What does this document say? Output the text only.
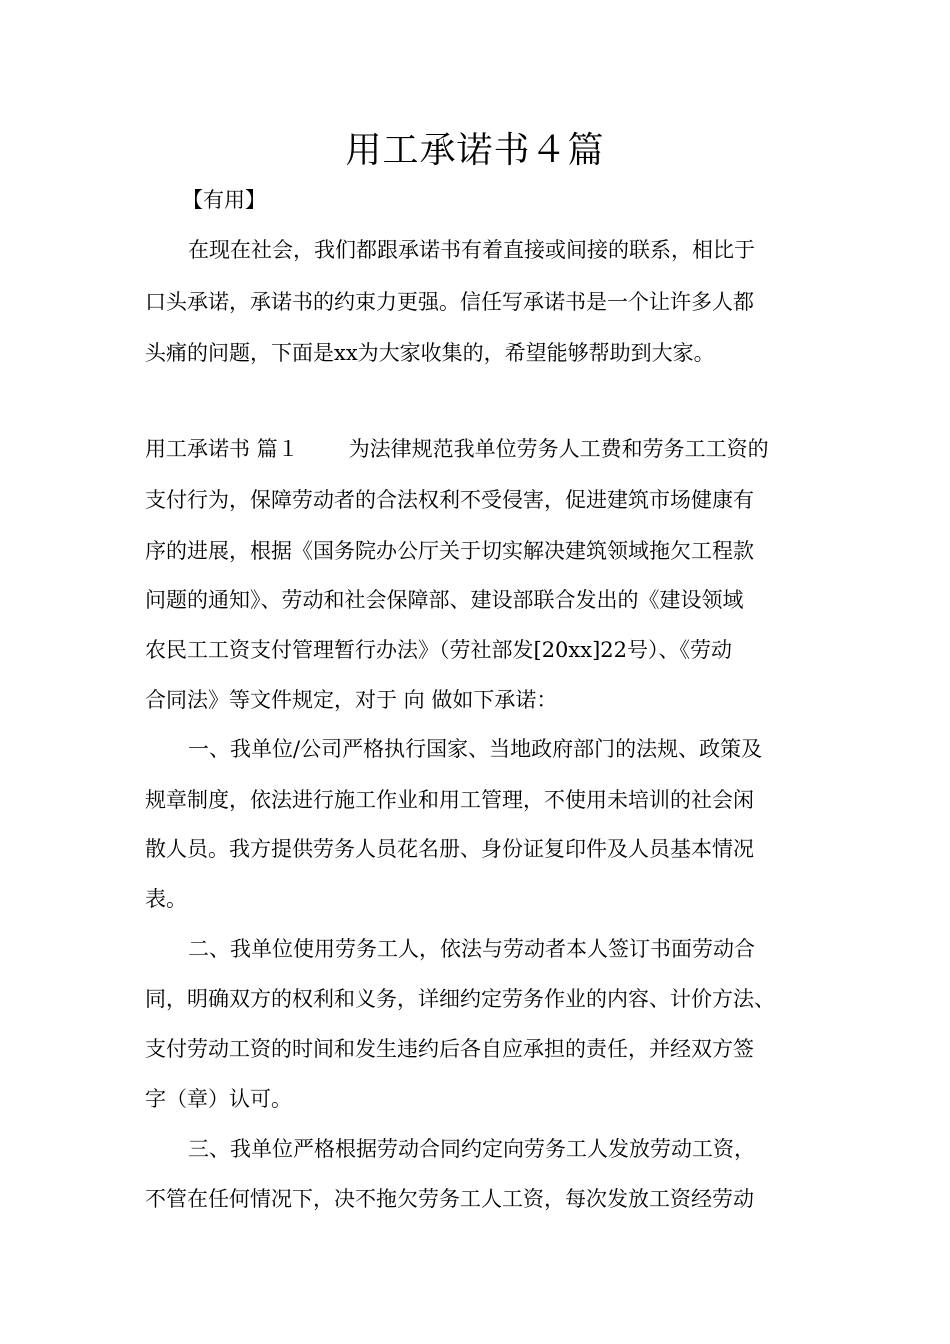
用工承诺书４篇
【有用】
在现在社会，我们都跟承诺书有着直接或间接的联系，相比于
口头承诺，承诺书的约束力更强。信任写承诺书是一个让许多人都
头痛的问题，下面是xx为大家收集的，希望能够帮助到大家。
用工承诺书 篇１ 为法律规范我单位劳务人工费和劳务工工资的
支付行为，保障劳动者的合法权利不受侵害，促进建筑市场健康有
序的进展，根据《国务院办公厅关于切实解决建筑领域拖欠工程款
问题的通知》、劳动和社会保障部、建设部联合发出的《建设领域
农民工工资支付管理暂行办法》（劳社部发[20xx]22号）、《劳动
合同法》等文件规定，对于 向 做如下承诺：
一、我单位/公司严格执行国家、当地政府部门的法规、政策及
规章制度，依法进行施工作业和用工管理，不使用未培训的社会闲
散人员。我方提供劳务人员花名册、身份证复印件及人员基本情况
表。
二、我单位使用劳务工人，依法与劳动者本人签订书面劳动合
同，明确双方的权利和义务，详细约定劳务作业的内容、计价方法、
支付劳动工资的时间和发生违约后各自应承担的责任，并经双方签
字（章）认可。
三、我单位严格根据劳动合同约定向劳务工人发放劳动工资，
不管在任何情况下，决不拖欠劳务工人工资，每次发放工资经劳动
